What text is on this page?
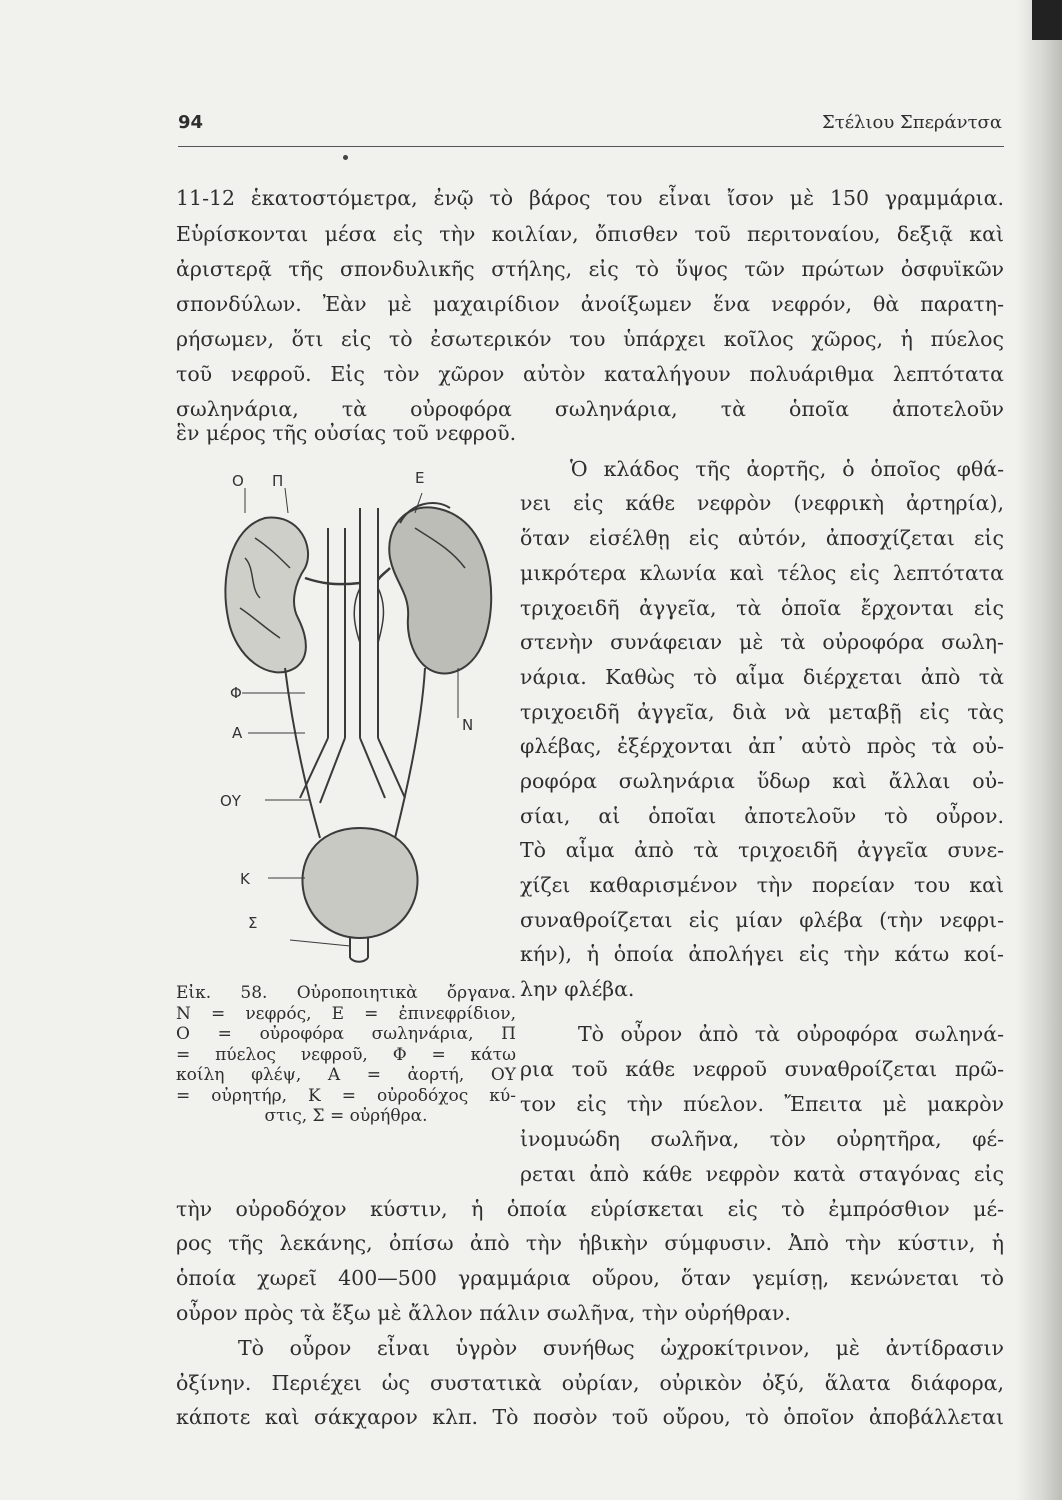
94	Στέλιου Σπεράντσα
11-12 ἑκατοστόμετρα, ἐνῷ τὸ βάρος του εἶναι ἴσον μὲ 150 γραμμάρια.
Εὑρίσκονται μέσα εἰς τὴν κοιλίαν, ὄπισθεν τοῦ περιτοναίου, δεξιᾷ καὶ
ἀριστερᾷ τῆς σπονδυλικῆς στήλης, εἰς τὸ ὕψος τῶν πρώτων ὀσφυϊκῶν
σπονδύλων. Ἐὰν μὲ μαχαιρίδιον ἀνοίξωμεν ἕνα νεφρόν, θὰ παρατη-
ρήσωμεν, ὅτι εἰς τὸ ἐσωτερικόν του ὑπάρχει κοῖλος χῶρος, ἡ πύελος
τοῦ νεφροῦ. Εἰς τὸν χῶρον αὐτὸν καταλήγουν πολυάριθμα λεπτότατα
σωληνάρια, τὰ οὐροφόρα σωληνάρια, τὰ ὁποῖα ἀποτελοῦν
ἓν μέρος τῆς οὐσίας τοῦ νεφροῦ.
Ὁ κλάδος τῆς ἀορτῆς, ὁ ὁποῖος φθά-
νει εἰς κάθε νεφρὸν (νεφρικὴ ἀρτηρία),
ὅταν εἰσέλθῃ εἰς αὐτόν, ἀποσχίζεται εἰς
μικρότερα κλωνία καὶ τέλος εἰς λεπτότατα
τριχοειδῆ ἀγγεῖα, τὰ ὁποῖα ἔρχονται εἰς
στενὴν συνάφειαν μὲ τὰ οὐροφόρα σωλη-
νάρια. Καθὼς τὸ αἷμα διέρχεται ἀπὸ τὰ
τριχοειδῆ ἀγγεῖα, διὰ νὰ μεταβῇ εἰς τὰς
φλέβας, ἐξέρχονται ἀπ᾿ αὐτὸ πρὸς τὰ οὐ-
ροφόρα σωληνάρια ὕδωρ καὶ ἄλλαι οὐ-
σίαι, αἱ ὁποῖαι ἀποτελοῦν τὸ οὖρον.
Τὸ αἷμα ἀπὸ τὰ τριχοειδῆ ἀγγεῖα συνε-
χίζει καθαρισμένον τὴν πορείαν του καὶ
συναθροίζεται εἰς μίαν φλέβα (τὴν νεφρι-
κήν), ἡ ὁποία ἀπολήγει εἰς τὴν κάτω κοί-
λην φλέβα.
Τὸ οὖρον ἀπὸ τὰ οὐροφόρα σωληνά-
ρια τοῦ κάθε νεφροῦ συναθροίζεται πρῶ-
τον εἰς τὴν πύελον. Ἔπειτα μὲ μακρὸν
ἰνομυώδη σωλῆνα, τὸν οὐρητῆρα, φέ-
ρεται ἀπὸ κάθε νεφρὸν κατὰ σταγόνας εἰς
Ο Π	Ε
Φ
Α	Ν
ΟΥ
Κ
Σ
Εἰκ. 58. Οὐροποιητικὰ ὄργανα.
Ν = νεφρός, Ε = ἐπινεφρίδιον,
Ο = οὐροφόρα σωληνάρια, Π
= πύελος νεφροῦ, Φ = κάτω
κοίλη φλέψ, Α = ἀορτή, ΟΥ
= οὐρητήρ, Κ = οὐροδόχος κύ-
στις, Σ = οὐρήθρα.
τὴν οὐροδόχον κύστιν, ἡ ὁποία εὑρίσκεται εἰς τὸ ἐμπρόσθιον μέ-
ρος τῆς λεκάνης, ὀπίσω ἀπὸ τὴν ἡβικὴν σύμφυσιν. Ἀπὸ τὴν κύστιν, ἡ
ὁποία χωρεῖ 400—500 γραμμάρια οὔρου, ὅταν γεμίσῃ, κενώνεται τὸ
οὖρον πρὸς τὰ ἔξω μὲ ἄλλον πάλιν σωλῆνα, τὴν οὐρήθραν.
Τὸ οὖρον εἶναι ὑγρὸν συνήθως ὠχροκίτρινον, μὲ ἀντίδρασιν
ὀξίνην. Περιέχει ὡς συστατικὰ οὐρίαν, οὐρικὸν ὀξύ, ἅλατα διάφορα,
κάποτε καὶ σάκχαρον κλπ. Τὸ ποσὸν τοῦ οὔρου, τὸ ὁποῖον ἀποβάλλεται
